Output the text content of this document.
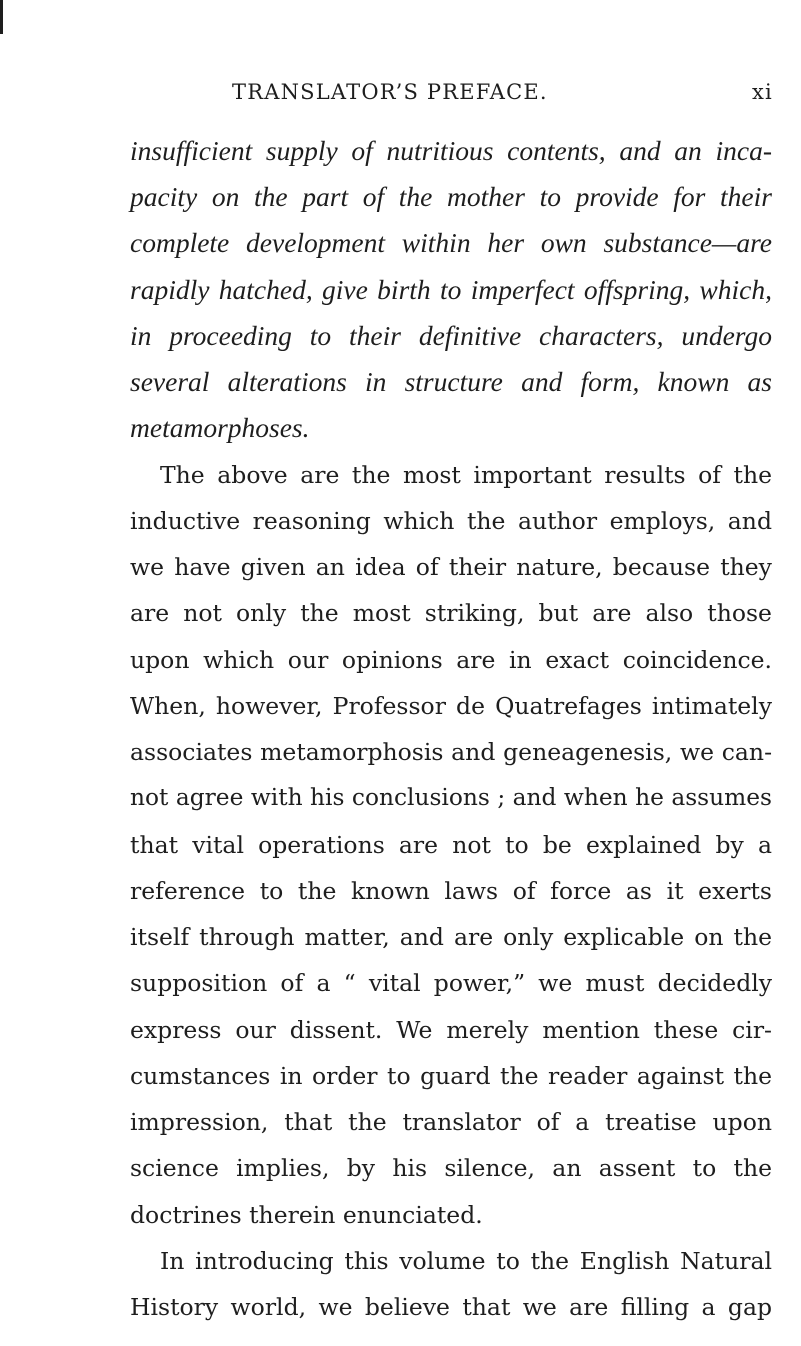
TRANSLATOR’S PREFACE.	xi
insufficient supply of nutritious contents, and an inca-
pacity on the part of the mother to provide for their
complete development within her own substance—are
rapidly hatched, give birth to imperfect offspring, which,
in proceeding to their definitive characters, undergo
several alterations in structure and form, known as
metamorphoses.
The above are the most important results of the
inductive reasoning which the author employs, and
we have given an idea of their nature, because they
are not only the most striking, but are also those
upon which our opinions are in exact coincidence.
When, however, Professor de Quatrefages intimately
associates metamorphosis and geneagenesis, we can-
not agree with his conclusions ; and when he assumes
that vital operations are not to be explained by a
reference to the known laws of force as it exerts
itself through matter, and are only explicable on the
supposition of a “ vital power,” we must decidedly
express our dissent. We merely mention these cir-
cumstances in order to guard the reader against the
impression, that the translator of a treatise upon
science implies, by his silence, an assent to the
doctrines therein enunciated.
In introducing this volume to the English Natural
History world, we believe that we are filling a gap
